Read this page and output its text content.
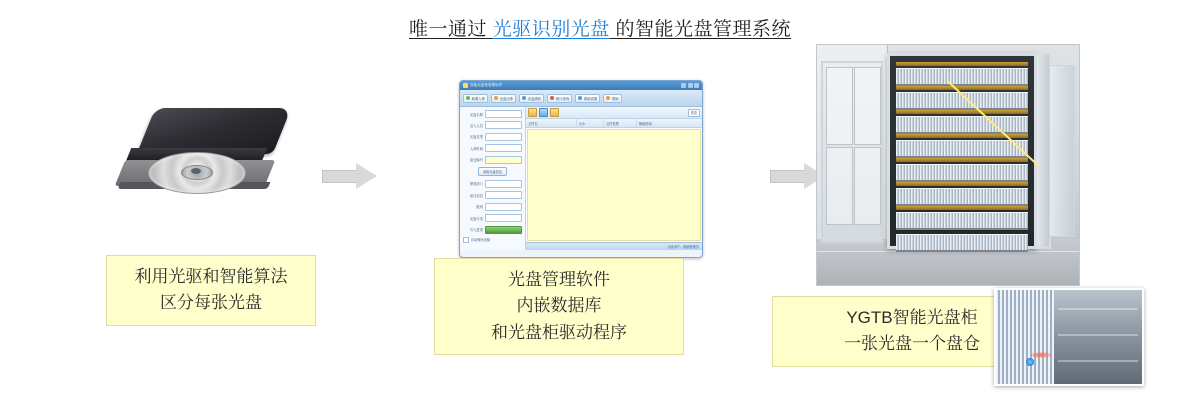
唯一通过 光驱识别光盘 的智能光盘管理系统
利用光驱和智能算法
区分每张光盘
智能光盘柜管理软件
新增入库	光盘出库	光盘流转	统计查询	系统设置	帮助
光盘名称
录入人员
光盘类型
入库时间
盘仓编号
读取光盘信息
保管部门
备注信息
级别
光盘分类
写入进度
自动弹出光驱
预览
文件名	大小	文件类型	修改时间
当前用户：系统管理员
光盘管理软件
内嵌数据库
和光盘柜驱动程序
YGTB智能光盘柜
一张光盘一个盘仓
